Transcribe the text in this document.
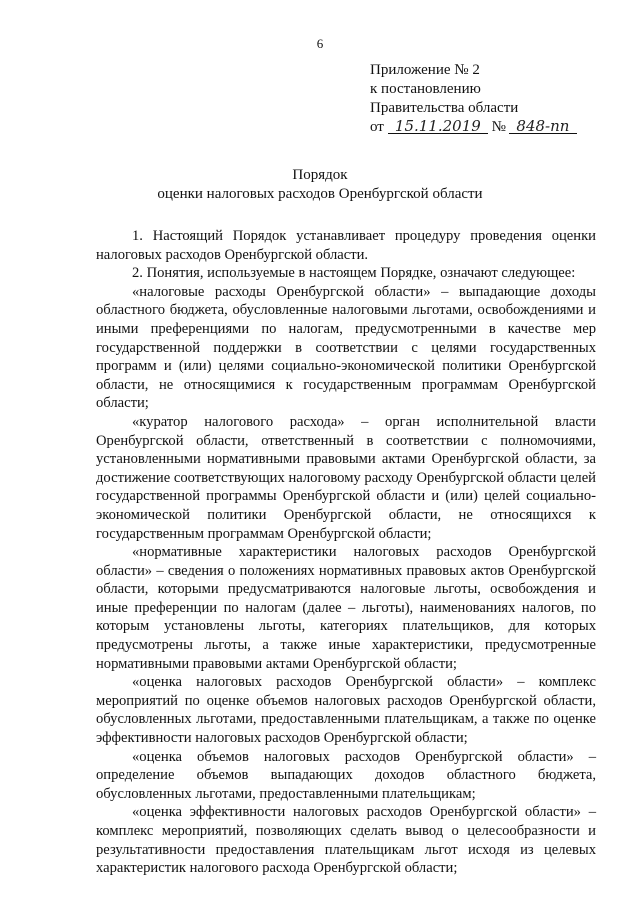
6
Приложение № 2
к постановлению
Правительства области
от 15.11.2019 № 848-пп
Порядок
оценки налоговых расходов Оренбургской области

1. Настоящий Порядок устанавливает процедуру проведения оценки налоговых расходов Оренбургской области.

2. Понятия, используемые в настоящем Порядке, означают следующее:

«налоговые расходы Оренбургской области» – выпадающие доходы областного бюджета, обусловленные налоговыми льготами, освобождениями и иными преференциями по налогам, предусмотренными в качестве мер государственной поддержки в соответствии с целями государственных программ и (или) целями социально-экономической политики Оренбургской области, не относящимися к государственным программам Оренбургской области;

«куратор налогового расхода» – орган исполнительной власти Оренбургской области, ответственный в соответствии с полномочиями, установленными нормативными правовыми актами Оренбургской области, за достижение соответствующих налоговому расходу Оренбургской области целей государственной программы Оренбургской области и (или) целей социально-экономической политики Оренбургской области, не относящихся к государственным программам Оренбургской области;

«нормативные характеристики налоговых расходов Оренбургской области» – сведения о положениях нормативных правовых актов Оренбургской области, которыми предусматриваются налоговые льготы, освобождения и иные преференции по налогам (далее – льготы), наименованиях налогов, по которым установлены льготы, категориях плательщиков, для которых предусмотрены льготы, а также иные характеристики, предусмотренные нормативными правовыми актами Оренбургской области;

«оценка налоговых расходов Оренбургской области» – комплекс мероприятий по оценке объемов налоговых расходов Оренбургской области, обусловленных льготами, предоставленными плательщикам, а также по оценке эффективности налоговых расходов Оренбургской области;

«оценка объемов налоговых расходов Оренбургской области» – определение объемов выпадающих доходов областного бюджета, обусловленных льготами, предоставленными плательщикам;

«оценка эффективности налоговых расходов Оренбургской области» – комплекс мероприятий, позволяющих сделать вывод о целесообразности и результативности предоставления плательщикам льгот исходя из целевых характеристик налогового расхода Оренбургской области;
